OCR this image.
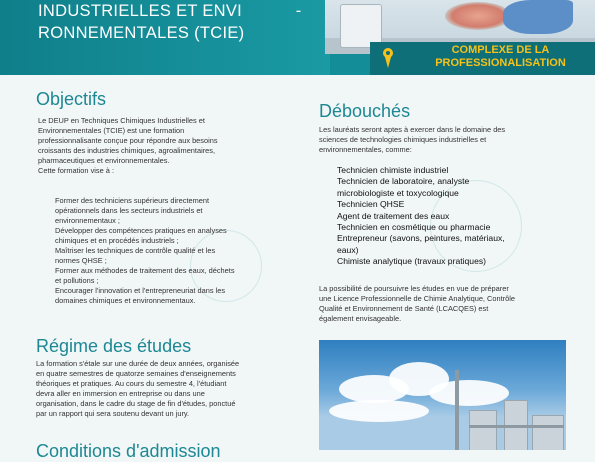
INDUSTRIELLES ET ENVI           -
RONNEMENTALES (TCIE)

COMPLEXE DE LA
PROFESSIONALISATION

Objectifs

Le DEUP en Techniques Chimiques Industrielles et
Environnementales (TCIE) est une formation
professionnalisante conçue pour répondre aux besoins
croissants des industries chimiques, agroalimentaires,
pharmaceutiques et environnementales.
Cette formation vise à :

Former des techniciens supérieurs directement
opérationnels dans les secteurs industriels et
environnementaux ;
Développer des compétences pratiques en analyses
chimiques et en procédés industriels ;
Maîtriser les techniques de contrôle qualité et les
normes QHSE ;
Former aux méthodes de traitement des eaux, déchets
et pollutions ;
Encourager l'innovation et l'entrepreneuriat dans les
domaines chimiques et environnementaux.
Régime des études

La formation s'étale sur une durée de deux années, organisée
en quatre semestres de quatorze semaines d'enseignements
théoriques et pratiques. Au cours du semestre 4, l'étudiant
devra aller en immersion en entreprise ou dans une
organisation, dans le cadre du stage de fin d'études, ponctué
par un rapport qui sera soutenu devant un jury.

Conditions d'admission
Débouchés

Les lauréats seront aptes à exercer dans le domaine des
sciences de technologies chimiques industrielles et
environnementales, comme:

Technicien chimiste industriel
Technicien de laboratoire, analyste
microbiologiste et toxycologique
Technicien QHSE
Agent de traitement des eaux
Technicien en cosmétique ou pharmacie
Entrepreneur (savons, peintures, matériaux,
eaux)
Chimiste analytique (travaux pratiques)

La possibilité de poursuivre les études en vue de préparer
une Licence Professionnelle de Chimie Analytique, Contrôle
Qualité et Environnement de Santé (LCACQES) est
également envisageable.
